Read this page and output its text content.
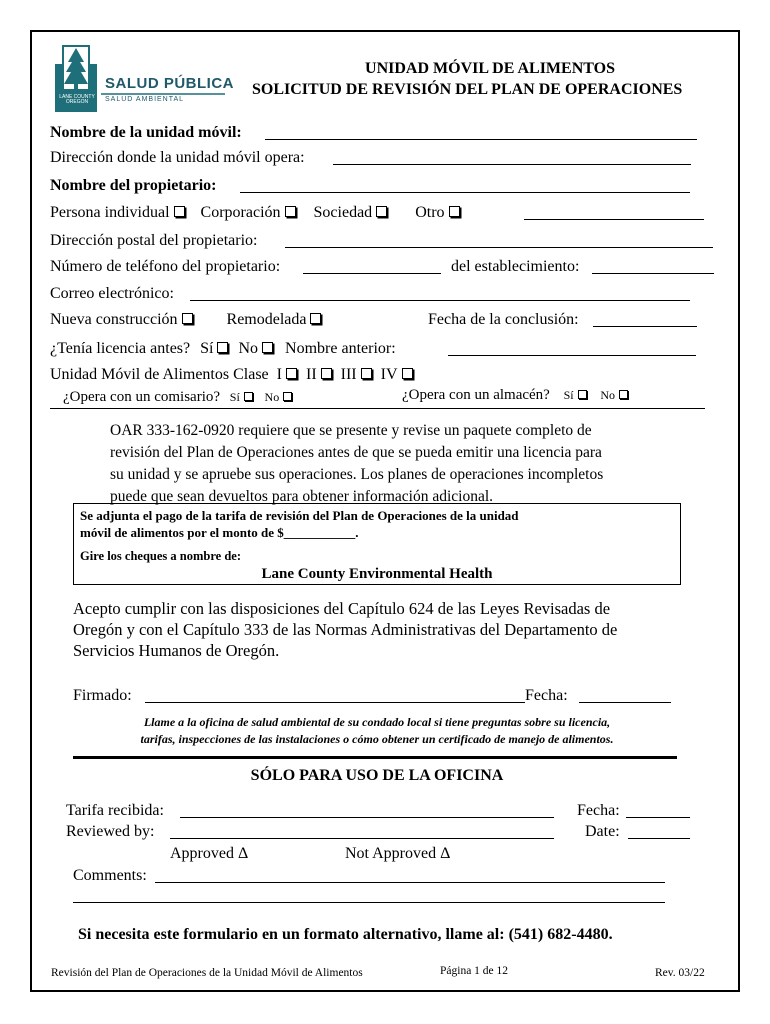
SALUD PÚBLICA
SALUD AMBIENTAL
LANE COUNTY OREGON
UNIDAD MÓVIL DE ALIMENTOS
SOLICITUD DE REVISIÓN DEL PLAN DE OPERACIONES
Nombre de la unidad móvil:
Dirección donde la unidad móvil opera:
Nombre del propietario:
Persona individual Corporación Sociedad	Otro
Dirección postal del propietario:
Número de teléfono del propietario:	del establecimiento:
Correo electrónico:
Nueva construcción	Remodelada	Fecha de la conclusión:
¿Tenía licencia antes? Sí No Nombre anterior:
Unidad Móvil de Alimentos Clase I II III IV
¿Opera con un comisario? Sí No	¿Opera con un almacén? Sí No
OAR 333-162-0920 requiere que se presente y revise un paquete completo de
revisión del Plan de Operaciones antes de que se pueda emitir una licencia para
su unidad y se apruebe sus operaciones. Los planes de operaciones incompletos
puede que sean devueltos para obtener información adicional.
Se adjunta el pago de la tarifa de revisión del Plan de Operaciones de la unidad
móvil de alimentos por el monto de $___________.
Gire los cheques a nombre de:
Lane County Environmental Health
Acepto cumplir con las disposiciones del Capítulo 624 de las Leyes Revisadas de
Oregón y con el Capítulo 333 de las Normas Administrativas del Departamento de
Servicios Humanos de Oregón.
Firmado:	Fecha:
Llame a la oficina de salud ambiental de su condado local si tiene preguntas sobre su licencia,
tarifas, inspecciones de las instalaciones o cómo obtener un certificado de manejo de alimentos.
SÓLO PARA USO DE LA OFICINA
Tarifa recibida:	Fecha:
Reviewed by:	Date:
Approved Δ	Not Approved Δ
Comments:
Si necesita este formulario en un formato alternativo, llame al: (541) 682-4480.
Revisión del Plan de Operaciones de la Unidad Móvil de Alimentos	Página 1 de 12	Rev. 03/22
